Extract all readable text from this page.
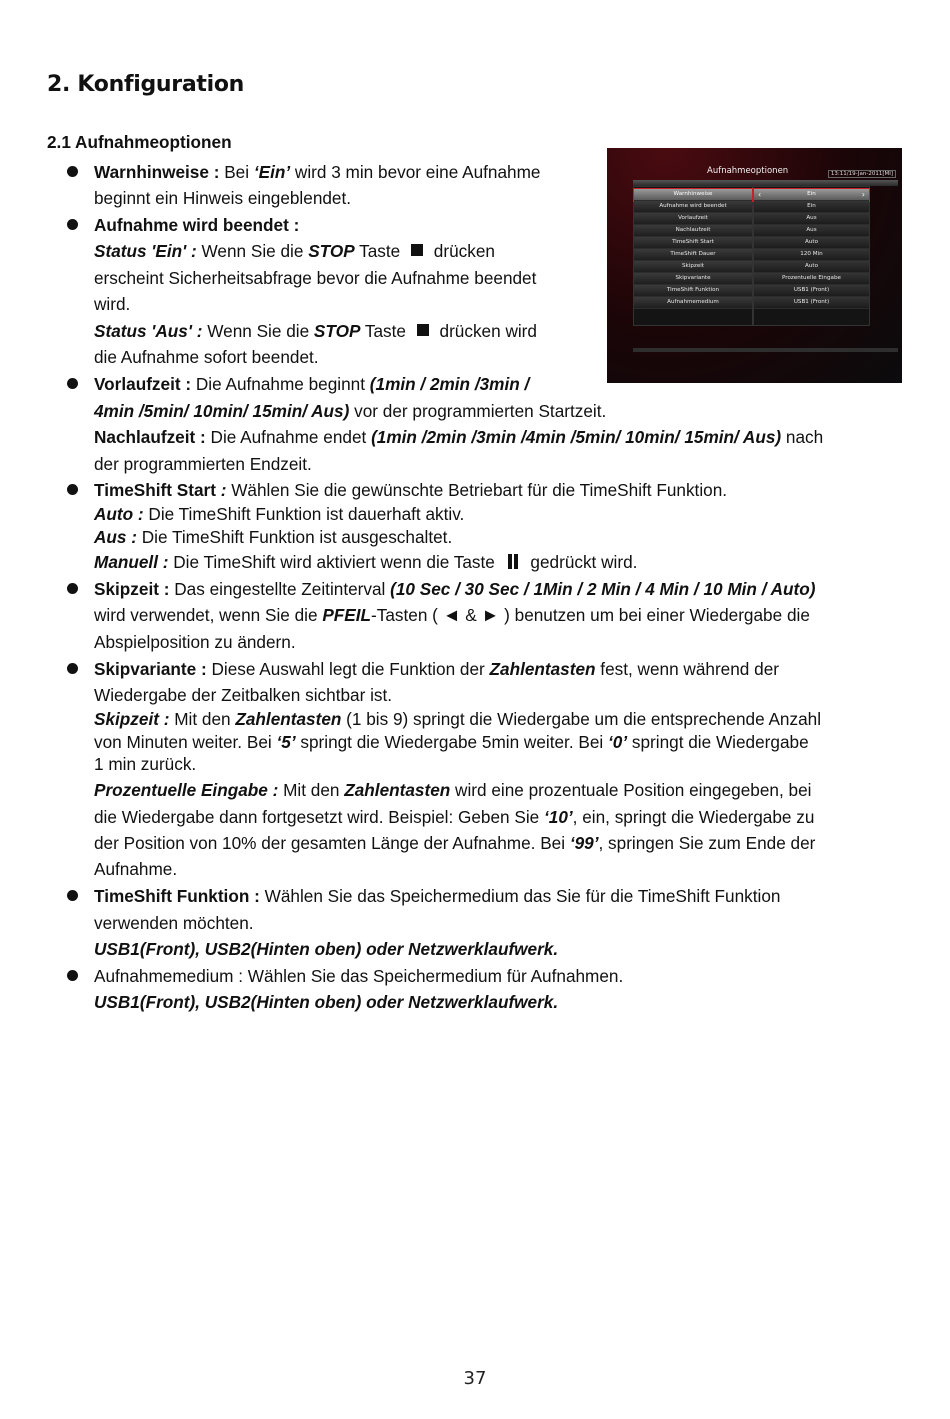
2. Konfiguration
2.1 Aufnahmeoptionen
Warnhinweise : Bei ‘Ein’ wird 3 min bevor eine Aufnahme
beginnt ein Hinweis eingeblendet.
Aufnahme wird beendet :
Status 'Ein' : Wenn Sie die STOP Taste  drücken
erscheint Sicherheitsabfrage bevor die Aufnahme beendet
wird.
Status 'Aus' : Wenn Sie die STOP Taste  drücken wird
die Aufnahme sofort beendet.
Vorlaufzeit : Die Aufnahme beginnt (1min / 2min /3min /
4min /5min/ 10min/ 15min/ Aus) vor der programmierten Startzeit.
Nachlaufzeit : Die Aufnahme endet (1min /2min /3min /4min /5min/ 10min/ 15min/ Aus) nach
der programmierten Endzeit.
TimeShift Start : Wählen Sie die gewünschte Betriebart für die TimeShift Funktion.
Auto : Die TimeShift Funktion ist dauerhaft aktiv.
Aus : Die TimeShift Funktion ist ausgeschaltet.
Manuell : Die TimeShift wird aktiviert wenn die Taste  gedrückt wird.
Skipzeit : Das eingestellte Zeitinterval (10 Sec / 30 Sec / 1Min / 2 Min / 4 Min / 10 Min / Auto)
wird verwendet, wenn Sie die PFEIL-Tasten ( ◄ & ► ) benutzen um bei einer Wiedergabe die
Abspielposition zu ändern.
Skipvariante : Diese Auswahl legt die Funktion der Zahlentasten fest, wenn während der
Wiedergabe der Zeitbalken sichtbar ist.
Skipzeit : Mit den Zahlentasten (1 bis 9) springt die Wiedergabe um die entsprechende Anzahl
von Minuten weiter. Bei ‘5’ springt die Wiedergabe 5min weiter. Bei ‘0’ springt die Wiedergabe
1 min zurück.
Prozentuelle Eingabe : Mit den Zahlentasten wird eine prozentuale Position eingegeben, bei
die Wiedergabe dann fortgesetzt wird. Beispiel: Geben Sie ‘10’, ein, springt die Wiedergabe zu
der Position von 10% der gesamten Länge der Aufnahme. Bei ‘99’, springen Sie zum Ende der
Aufnahme.
TimeShift Funktion : Wählen Sie das Speichermedium das Sie für die TimeShift Funktion
verwenden möchten.
USB1(Front), USB2(Hinten oben) oder Netzwerklaufwerk.
Aufnahmemedium : Wählen Sie das Speichermedium für Aufnahmen.
USB1(Front), USB2(Hinten oben) oder Netzwerklaufwerk.
Aufnahmeoptionen	13:11/19-Jan-2011[MI]
Warnhinweise
Aufnahme wird beendet
Vorlaufzeit
Nachlaufzeit
TimeShift Start
TimeShift Dauer
Skipzeit
Skipvariante
TimeShift Funktion
Aufnahmemedium
Ein
‹	›
Ein
Aus
Aus
Auto
120 Min
Auto
Prozentuelle Eingabe
USB1 (Front)
USB1 (Front)
37
